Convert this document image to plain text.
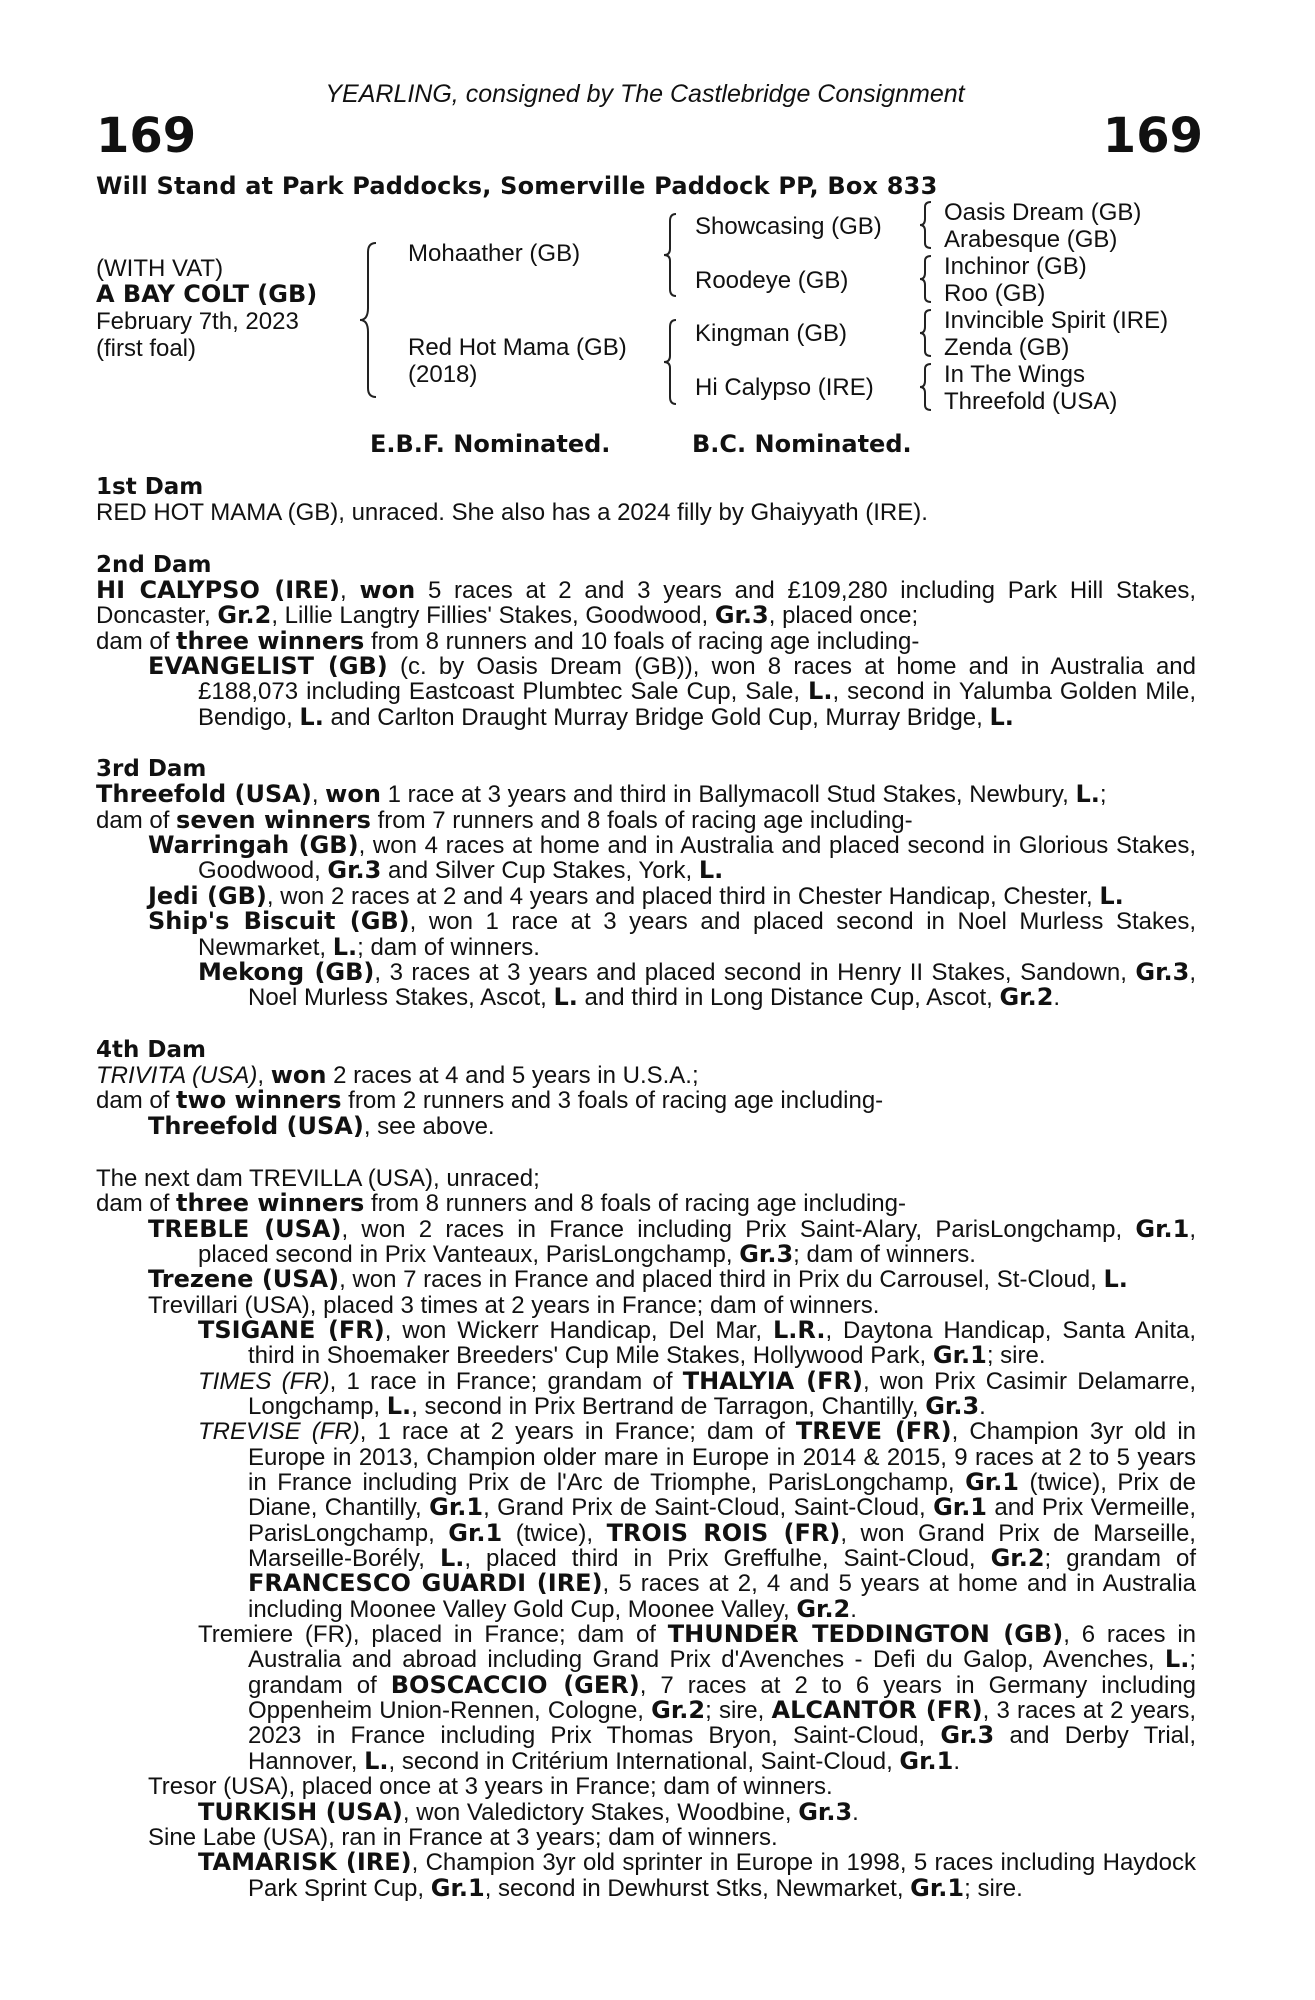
YEARLING, consigned by The Castlebridge Consignment
169	169
Will Stand at Park Paddocks, Somerville Paddock PP, Box 833
(WITH VAT)
A BAY COLT (GB)
February 7th, 2023
(first foal)
Mohaather (GB)
Red Hot Mama (GB)
(2018)
Showcasing (GB)
Roodeye (GB)
Kingman (GB)
Hi Calypso (IRE)
Oasis Dream (GB)
Arabesque (GB)
Inchinor (GB)
Roo (GB)
Invincible Spirit (IRE)
Zenda (GB)
In The Wings
Threefold (USA)
E.B.F. Nominated.	B.C. Nominated.
1st Dam
RED HOT MAMA (GB), unraced. She also has a 2024 filly by Ghaiyyath (IRE).
2nd Dam
HI CALYPSO (IRE), won 5 races at 2 and 3 years and £109,280 including Park Hill Stakes, Doncaster, Gr.2, Lillie Langtry Fillies' Stakes, Goodwood, Gr.3, placed once;
dam of three winners from 8 runners and 10 foals of racing age including-
EVANGELIST (GB) (c. by Oasis Dream (GB)), won 8 races at home and in Australia and £188,073 including Eastcoast Plumbtec Sale Cup, Sale, L., second in Yalumba Golden Mile, Bendigo, L. and Carlton Draught Murray Bridge Gold Cup, Murray Bridge, L.
3rd Dam
Threefold (USA), won 1 race at 3 years and third in Ballymacoll Stud Stakes, Newbury, L.;
dam of seven winners from 7 runners and 8 foals of racing age including-
Warringah (GB), won 4 races at home and in Australia and placed second in Glorious Stakes, Goodwood, Gr.3 and Silver Cup Stakes, York, L.
Jedi (GB), won 2 races at 2 and 4 years and placed third in Chester Handicap, Chester, L.
Ship's Biscuit (GB), won 1 race at 3 years and placed second in Noel Murless Stakes, Newmarket, L.; dam of winners.
Mekong (GB), 3 races at 3 years and placed second in Henry II Stakes, Sandown, Gr.3, Noel Murless Stakes, Ascot, L. and third in Long Distance Cup, Ascot, Gr.2.
4th Dam
TRIVITA (USA), won 2 races at 4 and 5 years in U.S.A.;
dam of two winners from 2 runners and 3 foals of racing age including-
Threefold (USA), see above.
The next dam TREVILLA (USA), unraced;
dam of three winners from 8 runners and 8 foals of racing age including-
TREBLE (USA), won 2 races in France including Prix Saint-Alary, ParisLongchamp, Gr.1, placed second in Prix Vanteaux, ParisLongchamp, Gr.3; dam of winners.
Trezene (USA), won 7 races in France and placed third in Prix du Carrousel, St-Cloud, L.
Trevillari (USA), placed 3 times at 2 years in France; dam of winners.
TSIGANE (FR), won Wickerr Handicap, Del Mar, L.R., Daytona Handicap, Santa Anita, third in Shoemaker Breeders' Cup Mile Stakes, Hollywood Park, Gr.1; sire.
TIMES (FR), 1 race in France; grandam of THALYIA (FR), won Prix Casimir Delamarre, Longchamp, L., second in Prix Bertrand de Tarragon, Chantilly, Gr.3.
TREVISE (FR), 1 race at 2 years in France; dam of TREVE (FR), Champion 3yr old in Europe in 2013, Champion older mare in Europe in 2014 & 2015, 9 races at 2 to 5 years in France including Prix de l'Arc de Triomphe, ParisLongchamp, Gr.1 (twice), Prix de Diane, Chantilly, Gr.1, Grand Prix de Saint-Cloud, Saint-Cloud, Gr.1 and Prix Vermeille, ParisLongchamp, Gr.1 (twice), TROIS ROIS (FR), won Grand Prix de Marseille, Marseille-Borély, L., placed third in Prix Greffulhe, Saint-Cloud, Gr.2; grandam of FRANCESCO GUARDI (IRE), 5 races at 2, 4 and 5 years at home and in Australia including Moonee Valley Gold Cup, Moonee Valley, Gr.2.
Tremiere (FR), placed in France; dam of THUNDER TEDDINGTON (GB), 6 races in Australia and abroad including Grand Prix d'Avenches - Defi du Galop, Avenches, L.; grandam of BOSCACCIO (GER), 7 races at 2 to 6 years in Germany including Oppenheim Union-Rennen, Cologne, Gr.2; sire, ALCANTOR (FR), 3 races at 2 years, 2023 in France including Prix Thomas Bryon, Saint-Cloud, Gr.3 and Derby Trial, Hannover, L., second in Critérium International, Saint-Cloud, Gr.1.
Tresor (USA), placed once at 3 years in France; dam of winners.
TURKISH (USA), won Valedictory Stakes, Woodbine, Gr.3.
Sine Labe (USA), ran in France at 3 years; dam of winners.
TAMARISK (IRE), Champion 3yr old sprinter in Europe in 1998, 5 races including Haydock Park Sprint Cup, Gr.1, second in Dewhurst Stks, Newmarket, Gr.1; sire.
